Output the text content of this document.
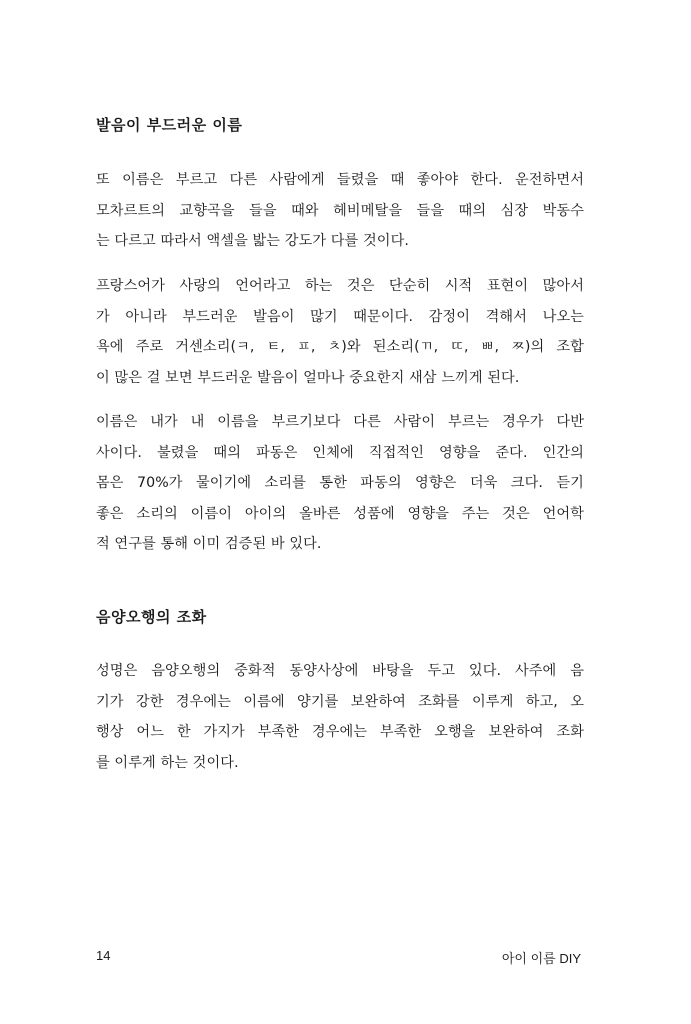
발음이 부드러운 이름
또 이름은 부르고 다른 사람에게 들렸을 때 좋아야 한다. 운전하면서
모차르트의 교향곡을 들을 때와 헤비메탈을 들을 때의 심장 박동수
는 다르고 따라서 액셀을 밟는 강도가 다를 것이다.
프랑스어가 사랑의 언어라고 하는 것은 단순히 시적 표현이 많아서
가 아니라 부드러운 발음이 많기 때문이다. 감정이 격해서 나오는
욕에 주로 거센소리(ㅋ, ㅌ, ㅍ, ㅊ)와 된소리(ㄲ, ㄸ, ㅃ, ㅉ)의 조합
이 많은 걸 보면 부드러운 발음이 얼마나 중요한지 새삼 느끼게 된다.
이름은 내가 내 이름을 부르기보다 다른 사람이 부르는 경우가 다반
사이다. 불렸을 때의 파동은 인체에 직접적인 영향을 준다. 인간의
몸은 70%가 물이기에 소리를 통한 파동의 영향은 더욱 크다. 듣기
좋은 소리의 이름이 아이의 올바른 성품에 영향을 주는 것은 언어학
적 연구를 통해 이미 검증된 바 있다.
음양오행의 조화
성명은 음양오행의 중화적 동양사상에 바탕을 두고 있다. 사주에 음
기가 강한 경우에는 이름에 양기를 보완하여 조화를 이루게 하고, 오
행상 어느 한 가지가 부족한 경우에는 부족한 오행을 보완하여 조화
를 이루게 하는 것이다.
14	아이 이름 DIY
